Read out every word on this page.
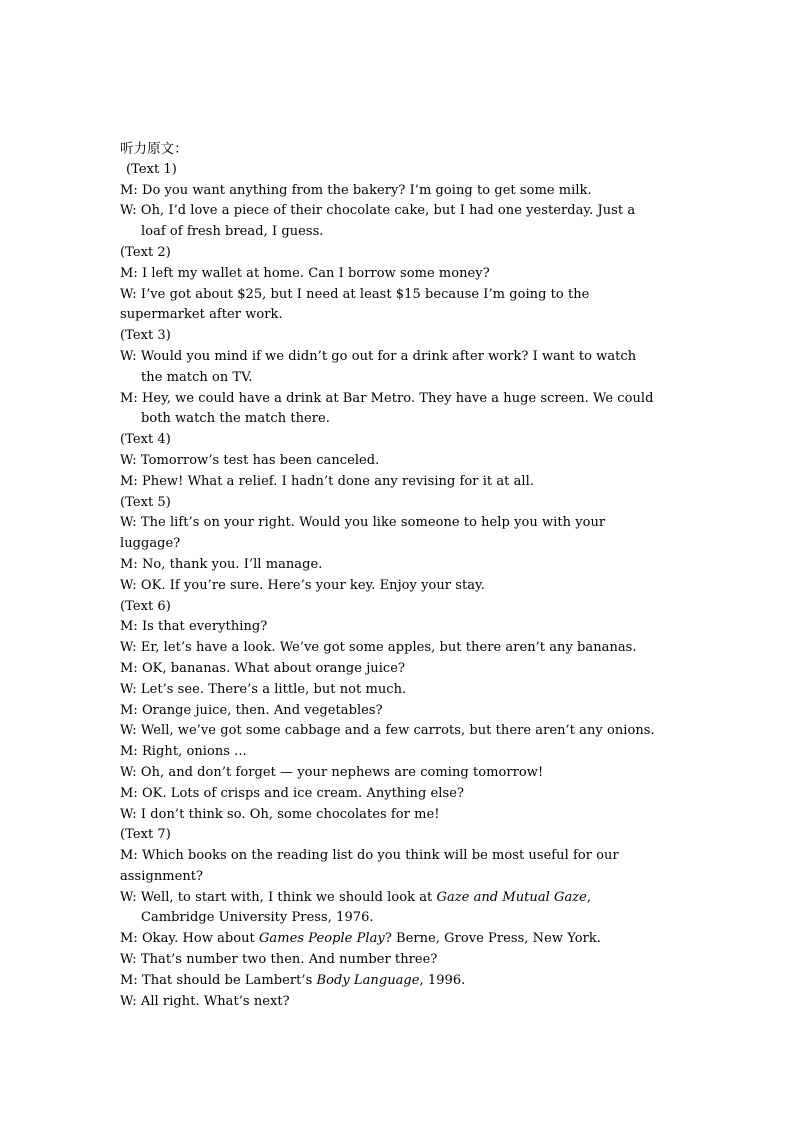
听力原文：
(Text 1)
M: Do you want anything from the bakery? I’m going to get some milk.
W: Oh, I’d love a piece of their chocolate cake, but I had one yesterday. Just a
loaf of fresh bread, I guess.
(Text 2)
M: I left my wallet at home. Can I borrow some money?
W: I’ve got about $25, but I need at least $15 because I’m going to the
supermarket after work.
(Text 3)
W: Would you mind if we didn’t go out for a drink after work? I want to watch
the match on TV.
M: Hey, we could have a drink at Bar Metro. They have a huge screen. We could
both watch the match there.
(Text 4)
W: Tomorrow’s test has been canceled.
M: Phew! What a relief. I hadn’t done any revising for it at all.
(Text 5)
W: The lift’s on your right. Would you like someone to help you with your
luggage?
M: No, thank you. I’ll manage.
W: OK. If you’re sure. Here’s your key. Enjoy your stay.
(Text 6)
M: Is that everything?
W: Er, let’s have a look. We’ve got some apples, but there aren’t any bananas.
M: OK, bananas. What about orange juice?
W: Let’s see. There’s a little, but not much.
M: Orange juice, then. And vegetables?
W: Well, we’ve got some cabbage and a few carrots, but there aren’t any onions.
M: Right, onions ...
W: Oh, and don’t forget — your nephews are coming tomorrow!
M: OK. Lots of crisps and ice cream. Anything else?
W: I don’t think so. Oh, some chocolates for me!
(Text 7)
M: Which books on the reading list do you think will be most useful for our
assignment?
W: Well, to start with, I think we should look at Gaze and Mutual Gaze,
Cambridge University Press, 1976.
M: Okay. How about Games People Play? Berne, Grove Press, New York.
W: That’s number two then. And number three?
M: That should be Lambert’s Body Language, 1996.
W: All right. What’s next?
